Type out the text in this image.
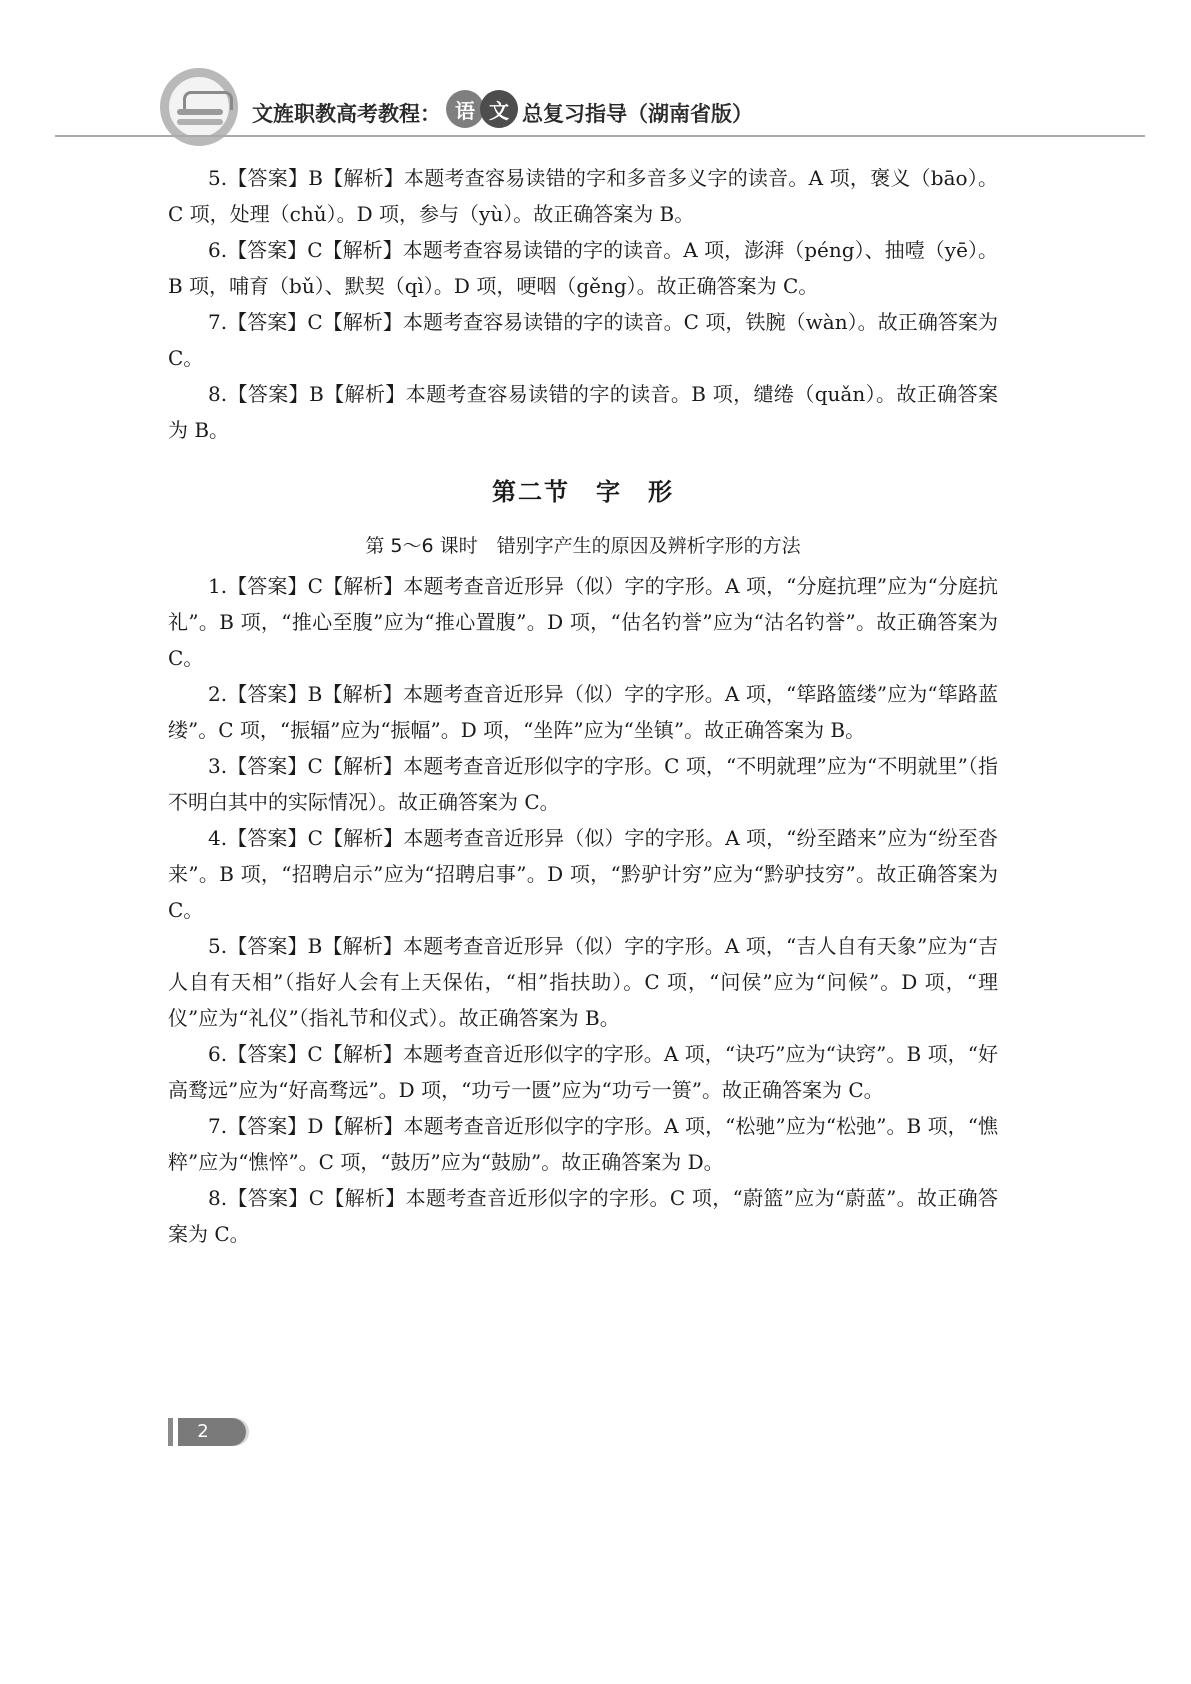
文旌职教高考教程： 语 文 总复习指导（湖南省版）

5.【答案】B【解析】本题考查容易读错的字和多音多义字的读音。A 项，褒义（bāo）。C 项，处理（chǔ）。D 项，参与（yù）。故正确答案为 B。

6.【答案】C【解析】本题考查容易读错的字的读音。A 项，澎湃（péng）、抽噎（yē）。B 项，哺育（bǔ）、默契（qì）。D 项，哽咽（gěng）。故正确答案为 C。

7.【答案】C【解析】本题考查容易读错的字的读音。C 项，铁腕（wàn）。故正确答案为 C。

8.【答案】B【解析】本题考查容易读错的字的读音。B 项，缱绻（quǎn）。故正确答案为 B。

第二节　字　形
第 5～6 课时　错别字产生的原因及辨析字形的方法

1.【答案】C【解析】本题考查音近形异（似）字的字形。A 项，“分庭抗理”应为“分庭抗礼”。B 项，“推心至腹”应为“推心置腹”。D 项，“估名钓誉”应为“沽名钓誉”。故正确答案为 C。

2.【答案】B【解析】本题考查音近形异（似）字的字形。A 项，“筚路篮缕”应为“筚路蓝缕”。C 项，“振辐”应为“振幅”。D 项，“坐阵”应为“坐镇”。故正确答案为 B。

3.【答案】C【解析】本题考查音近形似字的字形。C 项，“不明就理”应为“不明就里”（指不明白其中的实际情况）。故正确答案为 C。

4.【答案】C【解析】本题考查音近形异（似）字的字形。A 项，“纷至踏来”应为“纷至沓来”。B 项，“招聘启示”应为“招聘启事”。D 项，“黔驴计穷”应为“黔驴技穷”。故正确答案为 C。

5.【答案】B【解析】本题考查音近形异（似）字的字形。A 项，“吉人自有天象”应为“吉人自有天相”（指好人会有上天保佑，“相”指扶助）。C 项，“问侯”应为“问候”。D 项，“理仪”应为“礼仪”（指礼节和仪式）。故正确答案为 B。

6.【答案】C【解析】本题考查音近形似字的字形。A 项，“诀巧”应为“诀窍”。B 项，“好高鹜远”应为“好高骛远”。D 项，“功亏一匮”应为“功亏一篑”。故正确答案为 C。

7.【答案】D【解析】本题考查音近形似字的字形。A 项，“松驰”应为“松弛”。B 项，“憔粹”应为“憔悴”。C 项，“鼓历”应为“鼓励”。故正确答案为 D。

8.【答案】C【解析】本题考查音近形似字的字形。C 项，“蔚篮”应为“蔚蓝”。故正确答案为 C。

2
